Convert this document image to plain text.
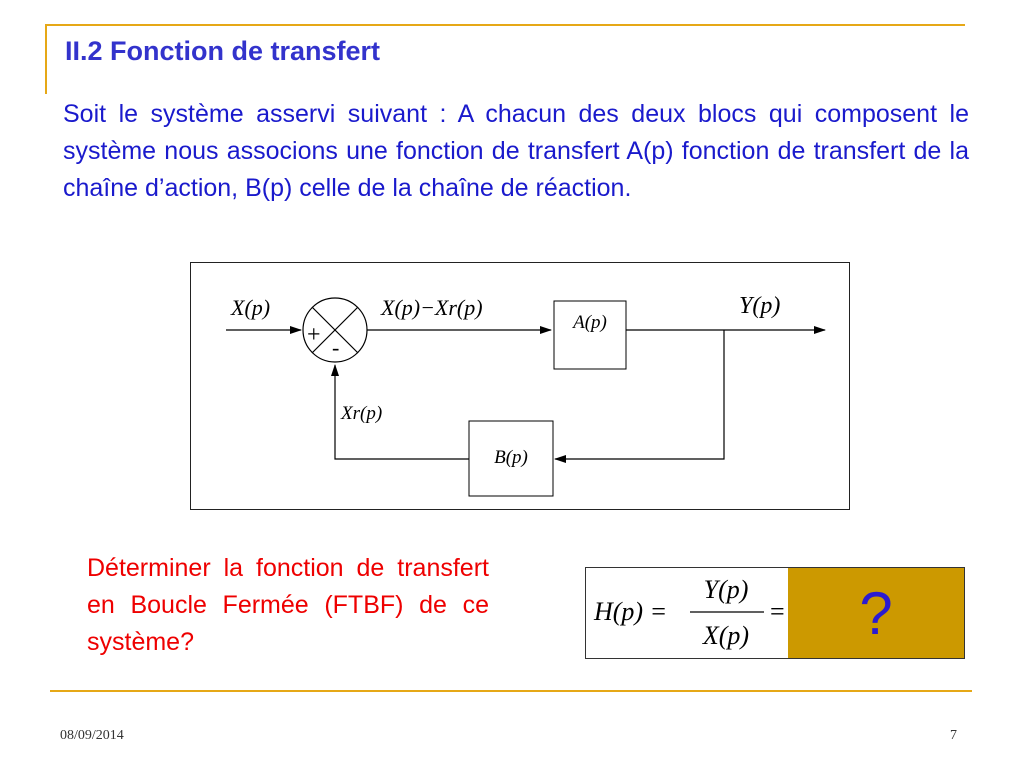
II.2 Fonction de transfert
Soit le système asservi suivant : A chacun des deux blocs qui composent le système nous associons une fonction de transfert A(p) fonction de transfert de la chaîne d’action, B(p) celle de la chaîne de réaction.
+ -
A(p)
B(p)
X(p)	X(p)−Xr(p)	Y(p)
Xr(p)
Déterminer la fonction de transfert en Boucle Fermée (FTBF) de ce système?
H(p) =
Y(p)
X(p)
= ?
08/09/2014	7
